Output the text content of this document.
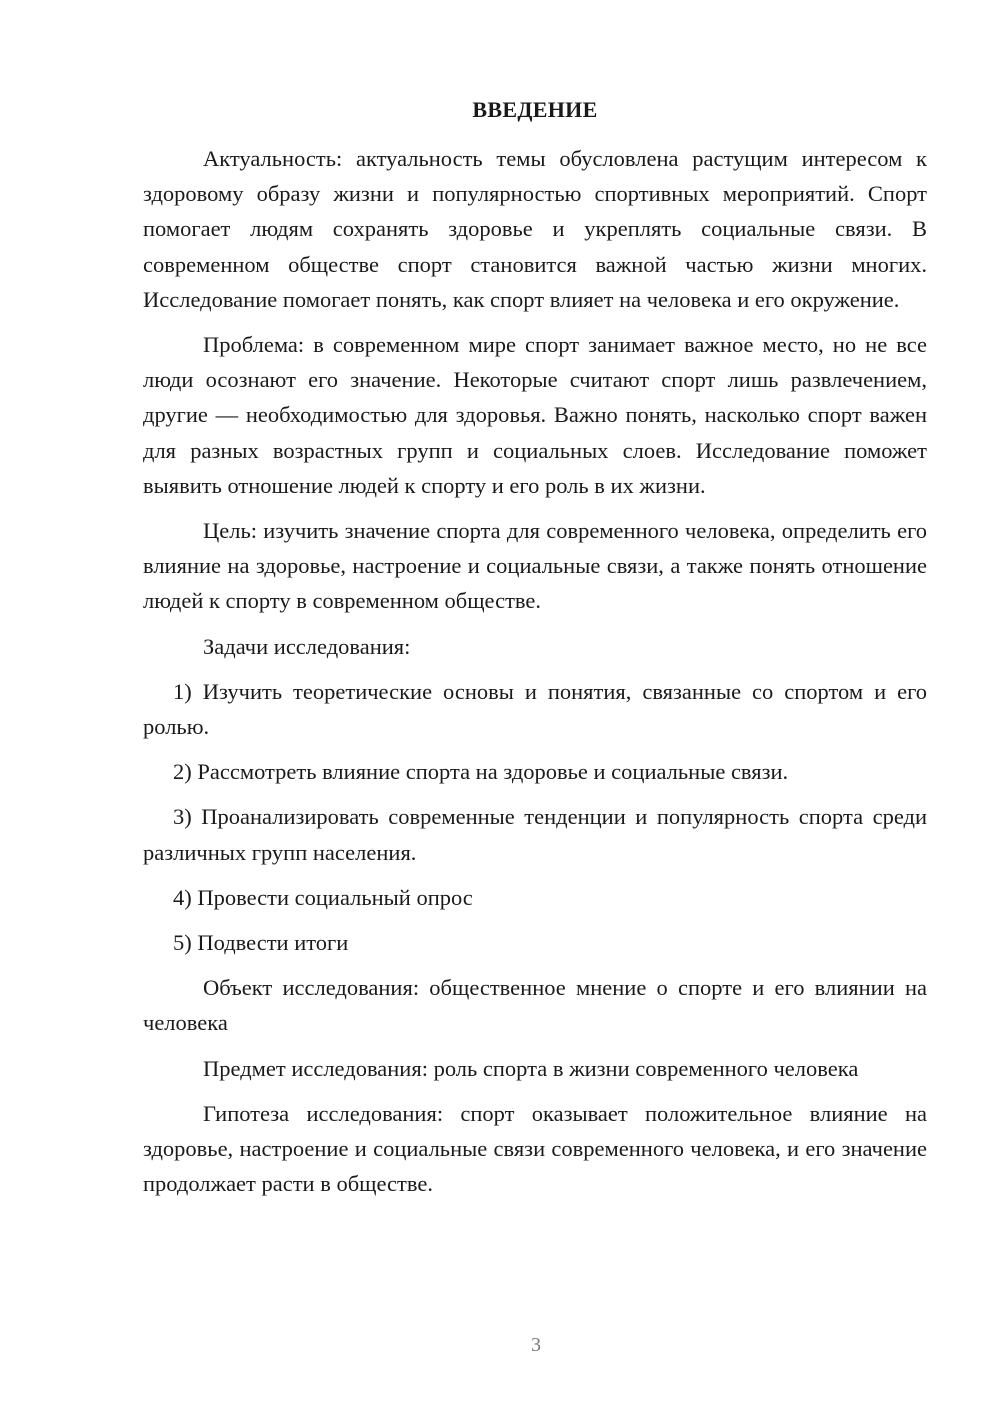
ВВЕДЕНИЕ

Актуальность: актуальность темы обусловлена растущим интересом к здоровому образу жизни и популярностью спортивных мероприятий. Спорт помогает людям сохранять здоровье и укреплять социальные связи. В современном обществе спорт становится важной частью жизни многих. Исследование помогает понять, как спорт влияет на человека и его окружение.

Проблема: в современном мире спорт занимает важное место, но не все люди осознают его значение. Некоторые считают спорт лишь развлечением, другие — необходимостью для здоровья. Важно понять, насколько спорт важен для разных возрастных групп и социальных слоев. Исследование поможет выявить отношение людей к спорту и его роль в их жизни.

Цель: изучить значение спорта для современного человека, определить его влияние на здоровье, настроение и социальные связи, а также понять отношение людей к спорту в современном обществе.

Задачи исследования:

1) Изучить теоретические основы и понятия, связанные со спортом и его ролью.

2) Рассмотреть влияние спорта на здоровье и социальные связи.

3) Проанализировать современные тенденции и популярность спорта среди различных групп населения.

4) Провести социальный опрос

5) Подвести итоги

Объект исследования: общественное мнение о спорте и его влиянии на человека

Предмет исследования: роль спорта в жизни современного человека

Гипотеза исследования: спорт оказывает положительное влияние на здоровье, настроение и социальные связи современного человека, и его значение продолжает расти в обществе.

3
